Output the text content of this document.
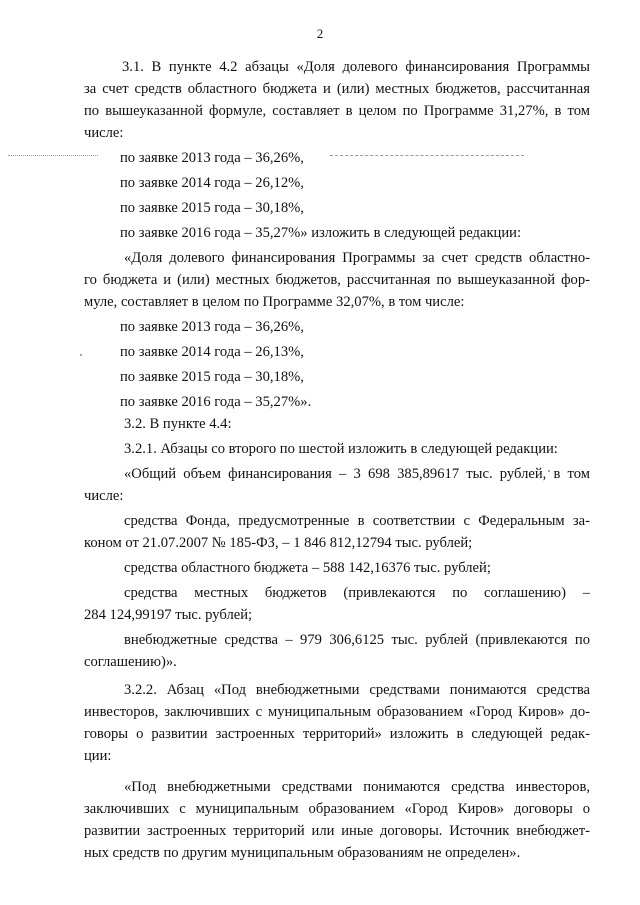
2

3.1. В пункте 4.2 абзацы «Доля долевого финансирования Программы

за счет средств областного бюджета и (или) местных бюджетов, рассчитанная

по вышеуказанной формуле, составляет в целом по Программе 31,27%, в том

числе:

по заявке 2013 года – 36,26%,

по заявке 2014 года – 26,12%,

по заявке 2015 года – 30,18%,

по заявке 2016 года – 35,27%» изложить в следующей редакции:

«Доля долевого финансирования Программы за счет средств областно-

го бюджета и (или) местных бюджетов, рассчитанная по вышеуказанной фор-

муле, составляет в целом по Программе 32,07%, в том числе:

по заявке 2013 года – 36,26%,

по заявке 2014 года – 26,13%,

по заявке 2015 года – 30,18%,

по заявке 2016 года – 35,27%».

3.2. В пункте 4.4:

3.2.1. Абзацы со второго по шестой изложить в следующей редакции:

«Общий объем финансирования – 3 698 385,89617 тыс. рублей, в том

числе:

средства Фонда, предусмотренные в соответствии с Федеральным за-

коном от 21.07.2007 № 185-ФЗ, – 1 846 812,12794 тыс. рублей;

средства областного бюджета – 588 142,16376 тыс. рублей;

средства местных бюджетов (привлекаются по соглашению) –

284 124,99197 тыс. рублей;

внебюджетные средства – 979 306,6125 тыс. рублей (привлекаются по

соглашению)».

3.2.2. Абзац «Под внебюджетными средствами понимаются средства

инвесторов, заключивших с муниципальным образованием «Город Киров» до-

говоры о развитии застроенных территорий» изложить в следующей редак-

ции:

«Под внебюджетными средствами понимаются средства инвесторов,

заключивших с муниципальным образованием «Город Киров» договоры о

развитии застроенных территорий или иные договоры. Источник внебюджет-

ных средств по другим муниципальным образованиям не определен».
